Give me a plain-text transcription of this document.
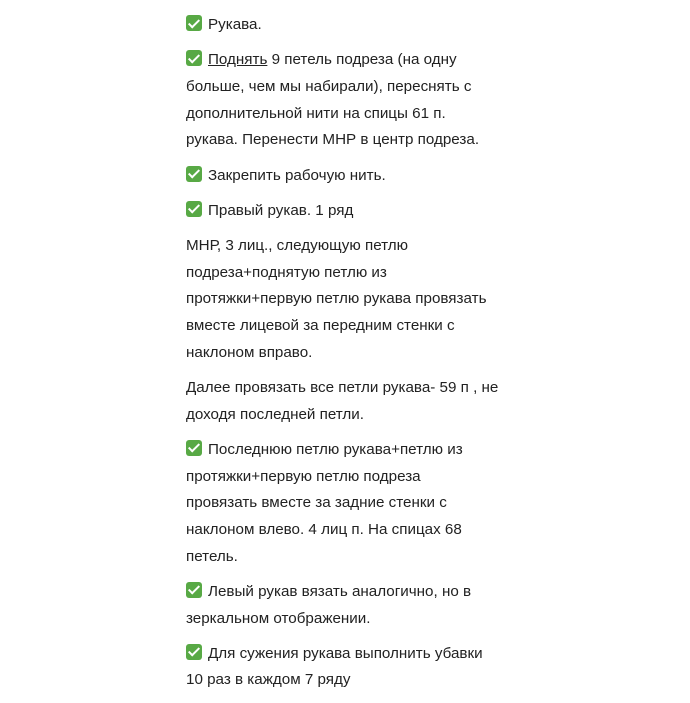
Рукава.
Поднять 9 петель подреза (на одну
больше, чем мы набирали), переснять с
дополнительной нити на спицы 61 п.
рукава. Перенести МНР в центр подреза.
Закрепить рабочую нить.
Правый рукав. 1 ряд
МНР, 3 лиц., следующую петлю
подреза+поднятую петлю из
протяжки+первую петлю рукава провязать
вместе лицевой за передним стенки с
наклоном вправо.
Далее провязать все петли рукава- 59 п , не
доходя последней петли.
Последнюю петлю рукава+петлю из
протяжки+первую петлю подреза
провязать вместе за задние стенки с
наклоном влево. 4 лиц п. На спицах 68
петель.
Левый рукав вязать аналогично, но в
зеркальном отображении.
Для сужения рукава выполнить убавки
10 раз в каждом 7 ряду
